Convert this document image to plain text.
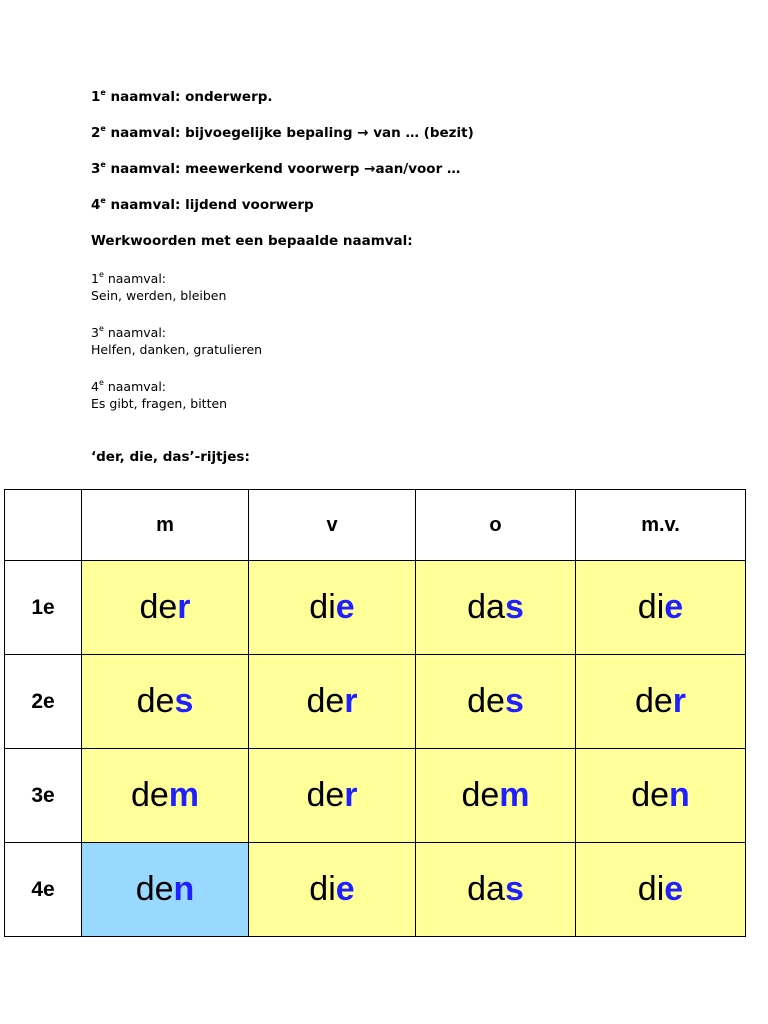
1e naamval: onderwerp.
2e naamval: bijvoegelijke bepaling → van … (bezit)
3e naamval: meewerkend voorwerp →aan/voor …
4e naamval: lijdend voorwerp
Werkwoorden met een bepaalde naamval:
1e naamval:
Sein, werden, bleiben
3e naamval:
Helfen, danken, gratulieren
4e naamval:
Es gibt, fragen, bitten
‘der, die, das’-rijtjes:
	m	v	o	m.v.
1e	der	die	das	die
2e	des	der	des	der
3e	dem	der	dem	den
4e	den	die	das	die
